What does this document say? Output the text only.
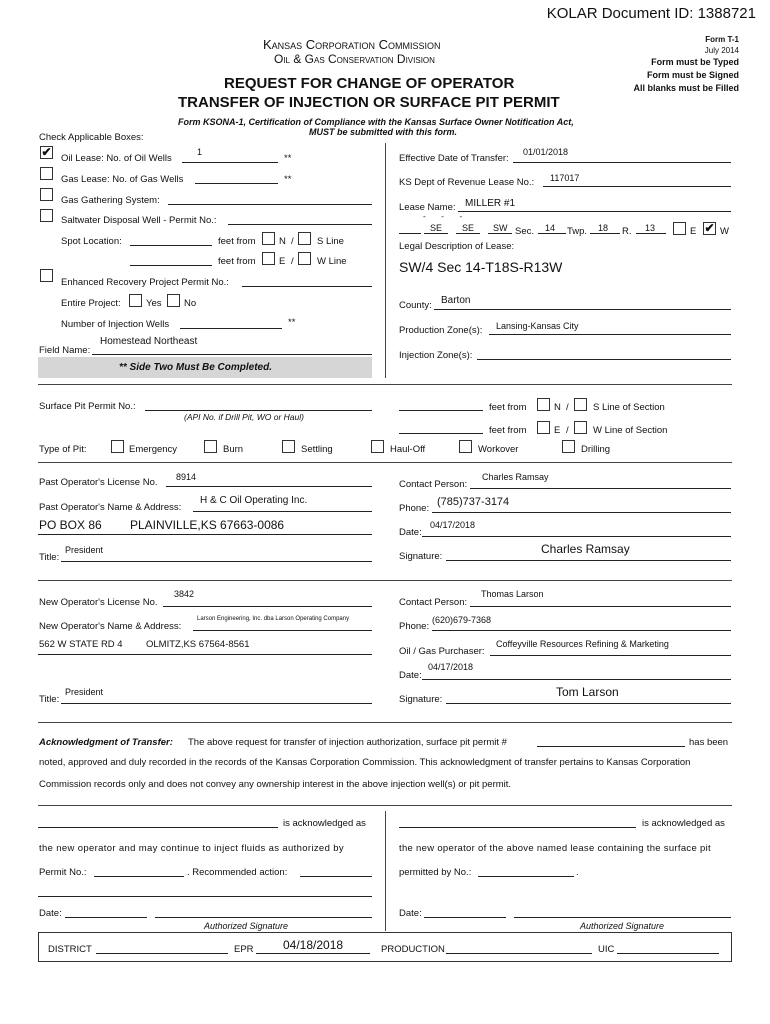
KOLAR Document ID: 1388721
Kansas Corporation Commission
Oil & Gas Conservation Division
REQUEST FOR CHANGE OF OPERATOR
TRANSFER OF INJECTION OR SURFACE PIT PERMIT
Form T-1
July 2014
Form must be Typed
Form must be Signed
All blanks must be Filled
Form KSONA-1, Certification of Compliance with the Kansas Surface Owner Notification Act,
MUST be submitted with this form.
Check Applicable Boxes:
✔ Oil Lease: No. of Oil Wells
1
**
Gas Lease: No. of Gas Wells	**
Gas Gathering System:
Saltwater Disposal Well - Permit No.:
Spot Location:	feet from N / S Line
feet from E / W Line
Enhanced Recovery Project Permit No.:
Entire Project:	Yes No
Number of Injection Wells	**
Field Name:
Homestead Northeast
** Side Two Must Be Completed.
Effective Date of Transfer:
01/01/2018
KS Dept of Revenue Lease No.: 117017
Lease Name: MILLER #1
-       -       -
SE SE SW Sec. 14 Twp. 18 R. 13	E ✔ W
Legal Description of Lease:
SW/4 Sec 14-T18S-R13W
County: Barton
Production Zone(s): Lansing-Kansas City
Injection Zone(s):
Surface Pit Permit No.:
(API No. if Drill Pit, WO or Haul)
feet from	N /	S Line of Section
feet from	E /	W Line of Section
Type of Pit:	Emergency	Burn	Settling	Haul-Off	Workover	Drilling
Past Operator's License No. 8914
Past Operator's Name & Address:
H & C Oil Operating Inc.
PO BOX 86 PLAINVILLE,KS 67663-0086
Title:
President
Contact Person:
Charles Ramsay
Phone:
(785)737-3174
Date:
04/17/2018
Signature:
Charles Ramsay
New Operator's License No.
3842
New Operator's Name & Address:
Larson Engineering, Inc. dba Larson Operating Company
562 W STATE RD 4 OLMITZ,KS 67564-8561
Title:
President
Contact Person:
Thomas Larson
Phone:
(620)679-7368
Oil / Gas Purchaser:
Coffeyville Resources Refining & Marketing
Date:
04/17/2018
Signature:
Tom Larson
Acknowledgment of Transfer: The above request for transfer of injection authorization, surface pit permit #	has been
noted, approved and duly recorded in the records of the Kansas Corporation Commission. This acknowledgment of transfer pertains to Kansas Corporation
Commission records only and does not convey any ownership interest in the above injection well(s) or pit permit.
is acknowledged as
the new operator and may continue to inject fluids as authorized by
Permit No.:	. Recommended action:
Date:
Authorized Signature
is acknowledged as
the new operator of the above named lease containing the surface pit
permitted by No.:	.
Date:
Authorized Signature
DISTRICT	EPR 04/18/2018	PRODUCTION	UIC
